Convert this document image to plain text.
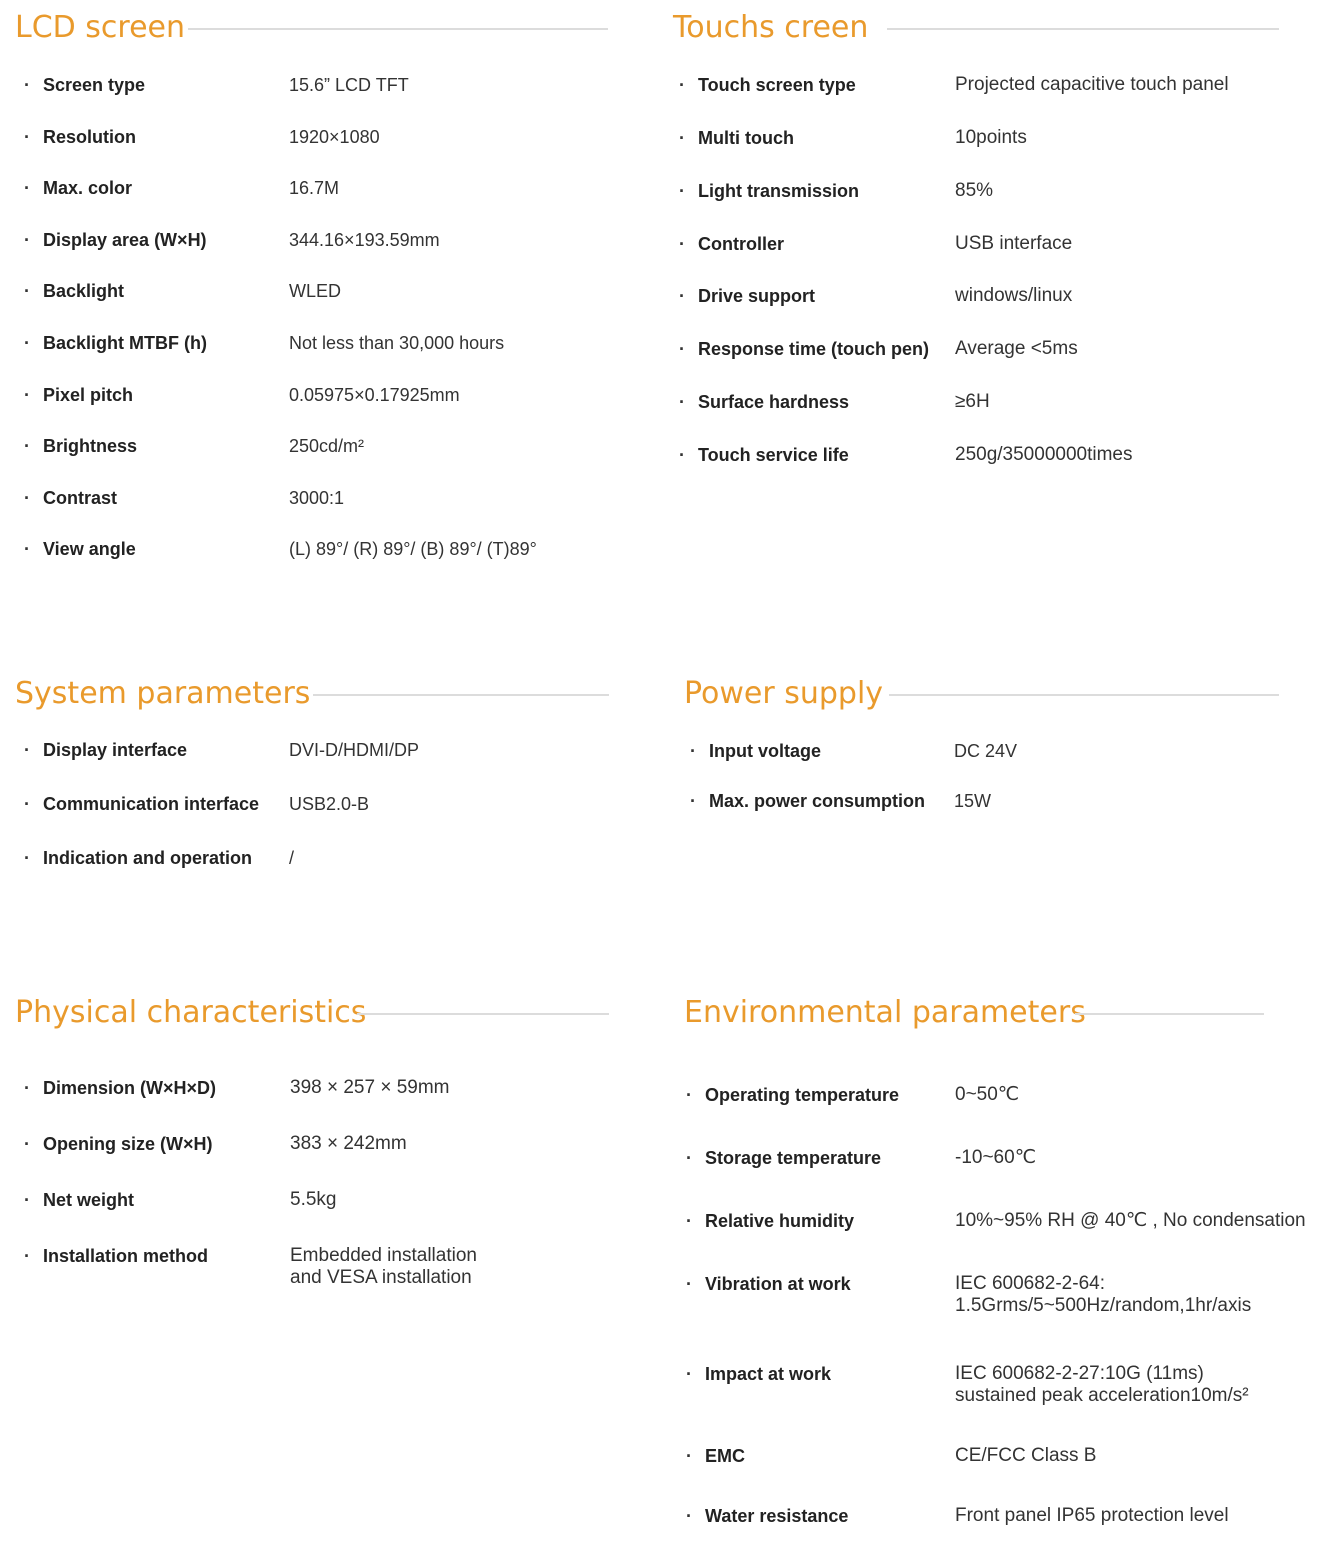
LCD screen	Touchs creen
System parameters	Power supply
Physical characteristics	Environmental parameters
· Screen type	15.6” LCD TFT
· Resolution	1920×1080
· Max. color	16.7M
· Display area (W×H)	344.16×193.59mm
· Backlight	WLED
· Backlight MTBF (h)	Not less than 30,000 hours
· Pixel pitch	0.05975×0.17925mm
· Brightness	250cd/m²
· Contrast	3000:1
· View angle	(L) 89°/ (R) 89°/ (B) 89°/ (T)89°
· Touch screen type	Projected capacitive touch panel
· Multi touch	10points
· Light transmission	85%
· Controller	USB interface
· Drive support	windows/linux
· Response time (touch pen) Average <5ms
· Surface hardness	≥6H
· Touch service life	250g/35000000times
· Display interface	DVI-D/HDMI/DP
· Communication interface USB2.0-B
· Indication and operation /
· Input voltage	DC 24V
· Max. power consumption 15W
· Dimension (W×H×D)	398 × 257 × 59mm
· Opening size (W×H)	383 × 242mm
· Net weight	5.5kg
· Installation method	Embedded installation
and VESA installation
· Operating temperature	0~50℃
· Storage temperature	-10~60℃
· Relative humidity	10%~95% RH @ 40℃ , No condensation
· Vibration at work	IEC 600682-2-64:
1.5Grms/5~500Hz/random,1hr/axis
· Impact at work	IEC 600682-2-27:10G (11ms)
sustained peak acceleration10m/s²
· EMC	CE/FCC Class B
· Water resistance	Front panel IP65 protection level
